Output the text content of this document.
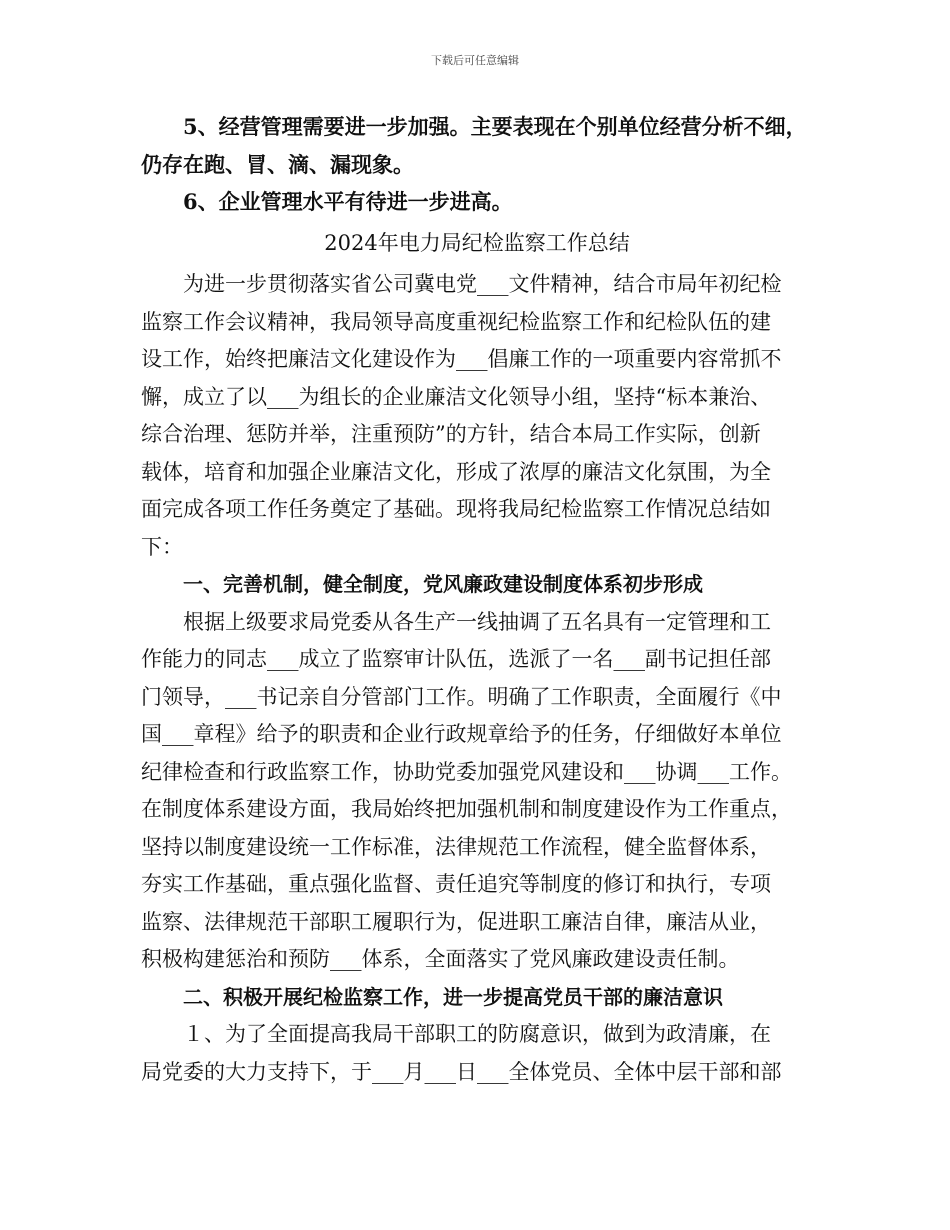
下载后可任意编辑
5、经营管理需要进一步加强。主要表现在个别单位经营分析不细，
仍存在跑、冒、滴、漏现象。
6、企业管理水平有待进一步进高。
2024年电力局纪检监察工作总结
为进一步贯彻落实省公司冀电党___文件精神，结合市局年初纪检
监察工作会议精神，我局领导高度重视纪检监察工作和纪检队伍的建
设工作，始终把廉洁文化建设作为___倡廉工作的一项重要内容常抓不
懈，成立了以___为组长的企业廉洁文化领导小组，坚持“标本兼治、
综合治理、惩防并举，注重预防”的方针，结合本局工作实际，创新
载体，培育和加强企业廉洁文化，形成了浓厚的廉洁文化氛围，为全
面完成各项工作任务奠定了基础。现将我局纪检监察工作情况总结如
下：
一、完善机制，健全制度，党风廉政建设制度体系初步形成
根据上级要求局党委从各生产一线抽调了五名具有一定管理和工
作能力的同志___成立了监察审计队伍，选派了一名___副书记担任部
门领导，___书记亲自分管部门工作。明确了工作职责，全面履行《中
国___章程》给予的职责和企业行政规章给予的任务，仔细做好本单位
纪律检查和行政监察工作，协助党委加强党风建设和___协调___工作。
在制度体系建设方面，我局始终把加强机制和制度建设作为工作重点，
坚持以制度建设统一工作标准，法律规范工作流程，健全监督体系，
夯实工作基础，重点强化监督、责任追究等制度的修订和执行，专项
监察、法律规范干部职工履职行为，促进职工廉洁自律，廉洁从业，
积极构建惩治和预防___体系，全面落实了党风廉政建设责任制。
二、积极开展纪检监察工作，进一步提高党员干部的廉洁意识
１、为了全面提高我局干部职工的防腐意识，做到为政清廉，在
局党委的大力支持下，于___月___日___全体党员、全体中层干部和部
